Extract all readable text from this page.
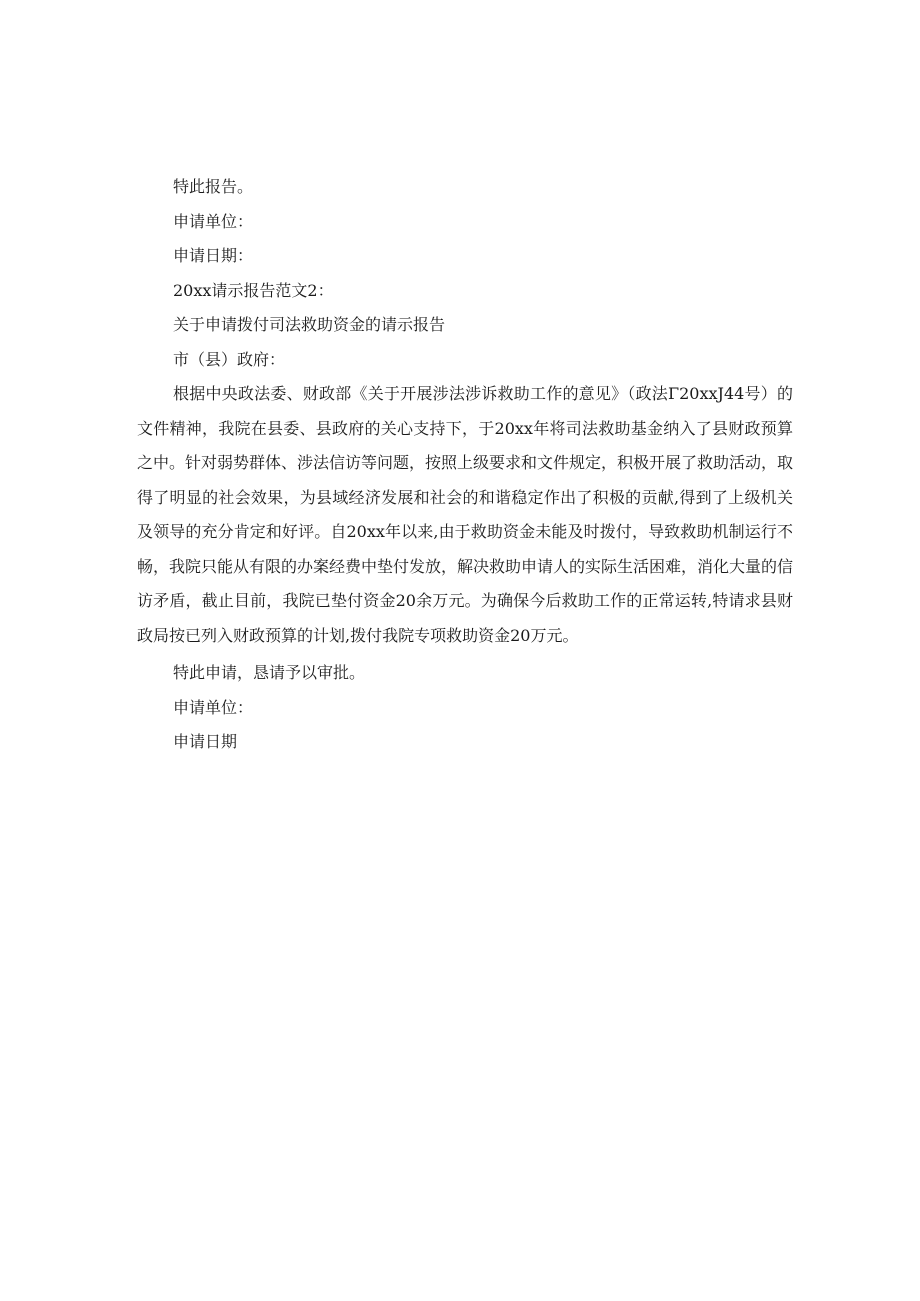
特此报告。

申请单位：

申请日期：

20xx请示报告范文2：

关于申请拨付司法救助资金的请示报告

市（县）政府：

根据中央政法委、财政部《关于开展涉法涉诉救助工作的意见》（政法Γ20xxJ44号）的文件精神，我院在县委、县政府的关心支持下，于20xx年将司法救助基金纳入了县财政预算之中。针对弱势群体、涉法信访等问题，按照上级要求和文件规定，积极开展了救助活动，取得了明显的社会效果，为县域经济发展和社会的和谐稳定作出了积极的贡献,得到了上级机关及领导的充分肯定和好评。自20xx年以来,由于救助资金未能及时拨付，导致救助机制运行不畅，我院只能从有限的办案经费中垫付发放，解决救助申请人的实际生活困难，消化大量的信访矛盾，截止目前，我院已垫付资金20余万元。为确保今后救助工作的正常运转,特请求县财政局按已列入财政预算的计划,拨付我院专项救助资金20万元。

特此申请，恳请予以审批。

申请单位：

申请日期
